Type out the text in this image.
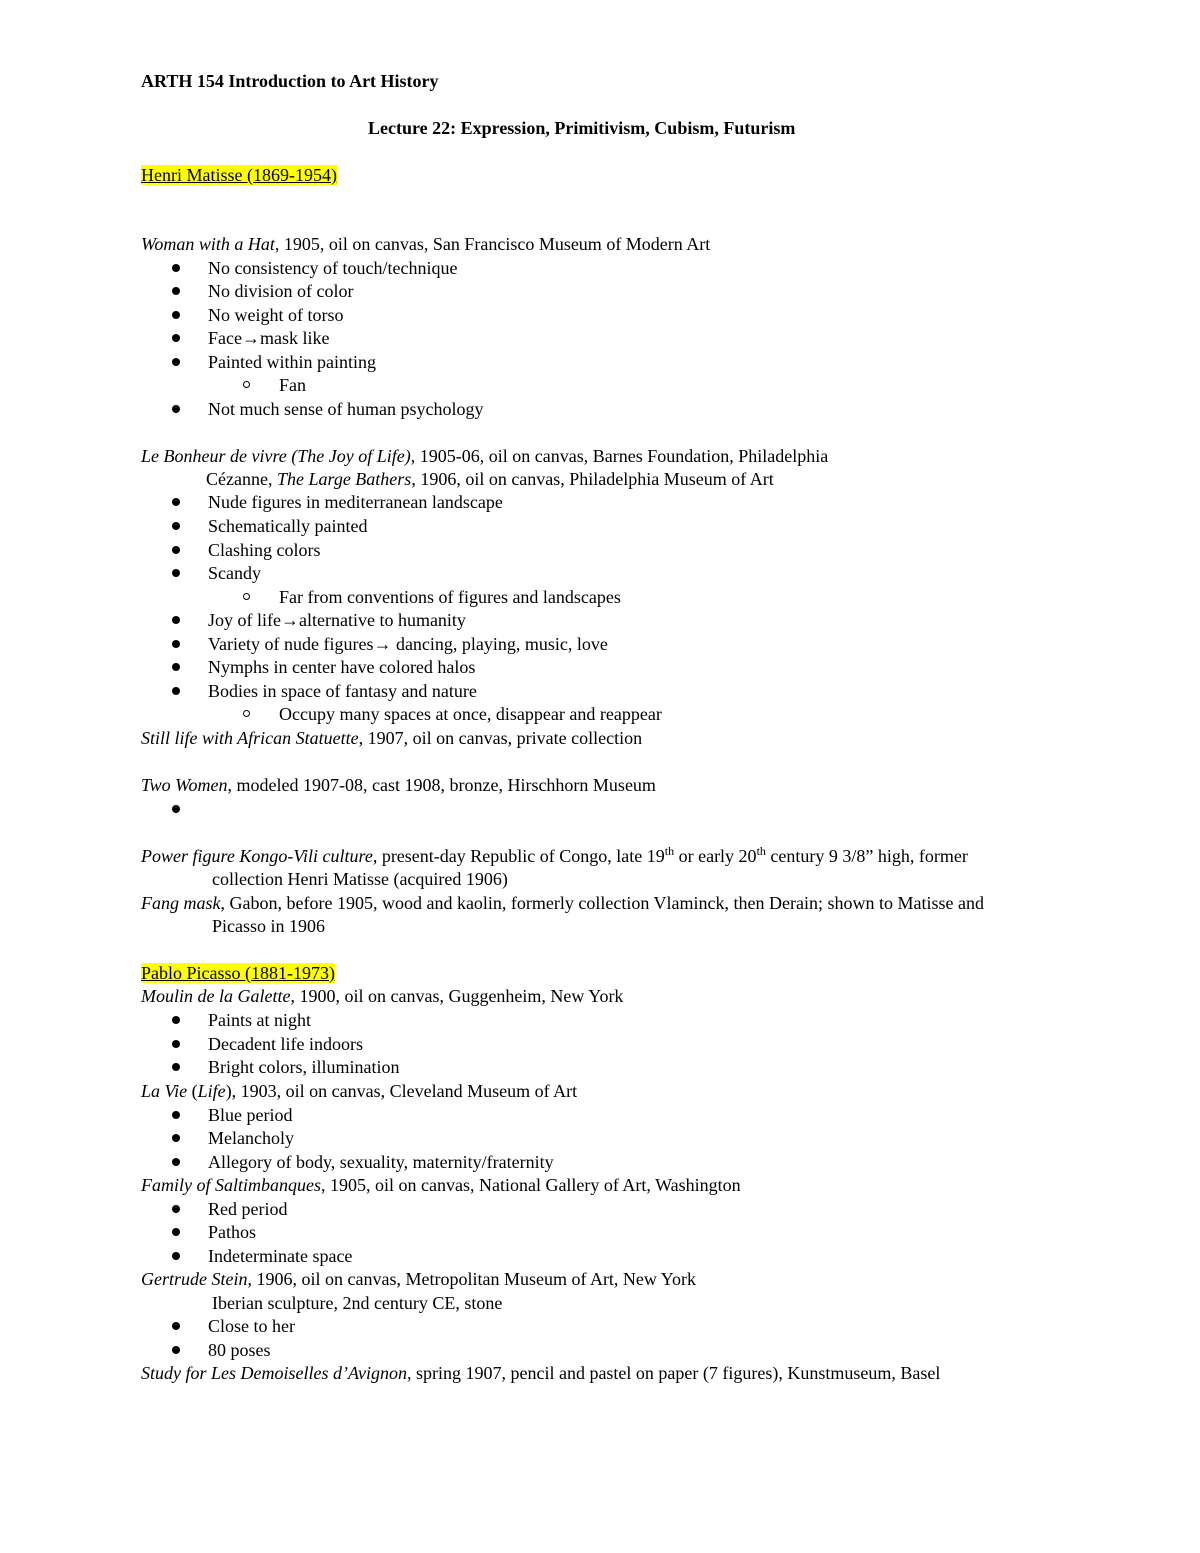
ARTH 154 Introduction to Art History
Lecture 22: Expression, Primitivism, Cubism, Futurism
Henri Matisse (1869-1954)
Woman with a Hat, 1905, oil on canvas, San Francisco Museum of Modern Art
No consistency of touch/technique
No division of color
No weight of torso
Face→mask like
Painted within painting
Fan
Not much sense of human psychology
Le Bonheur de vivre (The Joy of Life), 1905-06, oil on canvas, Barnes Foundation, Philadelphia
Cézanne, The Large Bathers, 1906, oil on canvas, Philadelphia Museum of Art
Nude figures in mediterranean landscape
Schematically painted
Clashing colors
Scandy
Far from conventions of figures and landscapes
Joy of life→alternative to humanity
Variety of nude figures→ dancing, playing, music, love
Nymphs in center have colored halos
Bodies in space of fantasy and nature
Occupy many spaces at once, disappear and reappear
Still life with African Statuette, 1907, oil on canvas, private collection
Two Women, modeled 1907-08, cast 1908, bronze, Hirschhorn Museum
Power figure Kongo-Vili culture, present-day Republic of Congo, late 19th or early 20th century 9 3/8” high, former
collection Henri Matisse (acquired 1906)
Fang mask, Gabon, before 1905, wood and kaolin, formerly collection Vlaminck, then Derain; shown to Matisse and
Picasso in 1906
Pablo Picasso (1881-1973)
Moulin de la Galette, 1900, oil on canvas, Guggenheim, New York
Paints at night
Decadent life indoors
Bright colors, illumination
La Vie (Life), 1903, oil on canvas, Cleveland Museum of Art
Blue period
Melancholy
Allegory of body, sexuality, maternity/fraternity
Family of Saltimbanques, 1905, oil on canvas, National Gallery of Art, Washington
Red period
Pathos
Indeterminate space
Gertrude Stein, 1906, oil on canvas, Metropolitan Museum of Art, New York
Iberian sculpture, 2nd century CE, stone
Close to her
80 poses
Study for Les Demoiselles d’Avignon, spring 1907, pencil and pastel on paper (7 figures), Kunstmuseum, Basel
